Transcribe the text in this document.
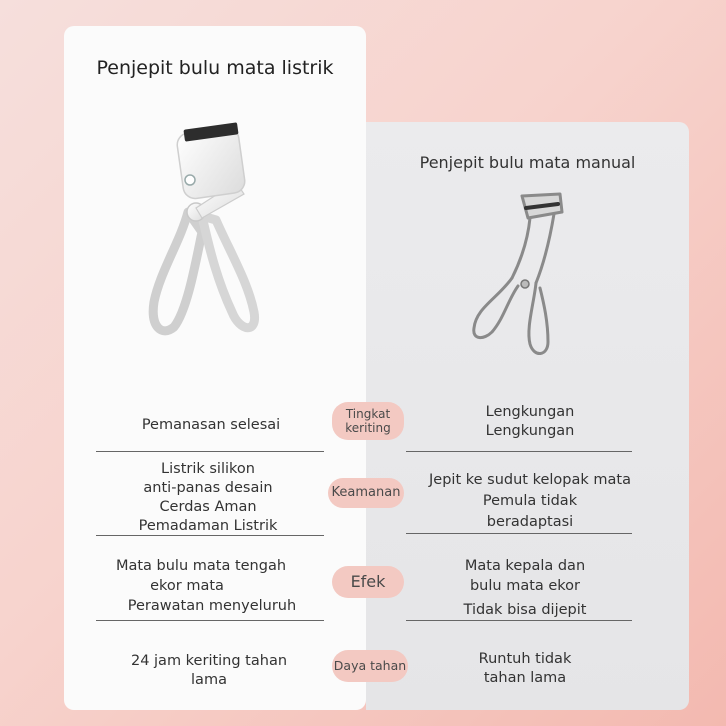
Penjepit bulu mata listrik
Penjepit bulu mata manual
Pemanasan selesai
Lengkungan
Lengkungan
Tingkat
keriting
Listrik silikon
anti-panas desain
Cerdas Aman
Pemadaman Listrik
Jepit ke sudut kelopak mata
Pemula tidak
beradaptasi
Keamanan
Mata bulu mata tengah
ekor mata
Perawatan menyeluruh
Mata kepala dan
bulu mata ekor
Tidak bisa dijepit
Efek
24 jam keriting tahan
lama
Runtuh tidak
tahan lama
Daya tahan
